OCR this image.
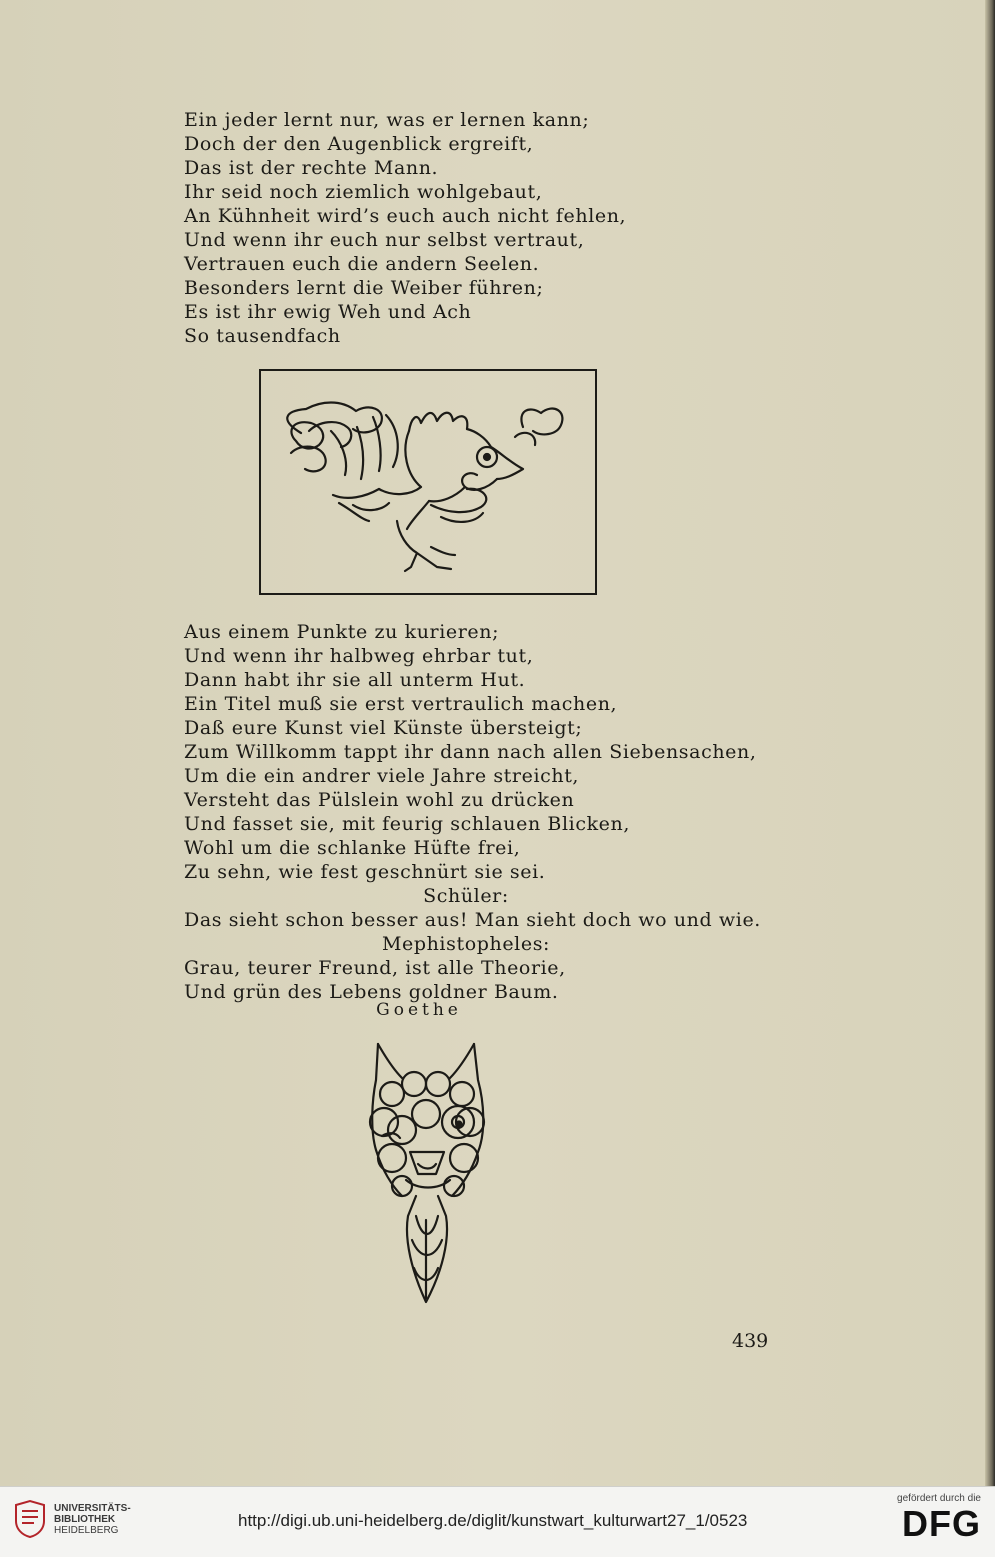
Ein jeder lernt nur, was er lernen kann;
Doch der den Augenblick ergreift,
Das ist der rechte Mann.
Ihr seid noch ziemlich wohlgebaut,
An Kühnheit wird’s euch auch nicht fehlen,
Und wenn ihr euch nur selbst vertraut,
Vertrauen euch die andern Seelen.
Besonders lernt die Weiber führen;
Es ist ihr ewig Weh und Ach
So tausendfach
Aus einem Punkte zu kurieren;
Und wenn ihr halbweg ehrbar tut,
Dann habt ihr sie all unterm Hut.
Ein Titel muß sie erst vertraulich machen,
Daß eure Kunst viel Künste übersteigt;
Zum Willkomm tappt ihr dann nach allen Siebensachen,
Um die ein andrer viele Jahre streicht,
Versteht das Pülslein wohl zu drücken
Und fasset sie, mit feurig schlauen Blicken,
Wohl um die schlanke Hüfte frei,
Zu sehn, wie fest geschnürt sie sei.
Schüler:
Das sieht schon besser aus! Man sieht doch wo und wie.
Mephistopheles:
Grau, teurer Freund, ist alle Theorie,
Und grün des Lebens goldner Baum.
Goethe
439
UNIVERSITÄTS-
BIBLIOTHEK
HEIDELBERG
http://digi.ub.uni-heidelberg.de/diglit/kunstwart_kulturwart27_1/0523
gefördert durch die
DFG
